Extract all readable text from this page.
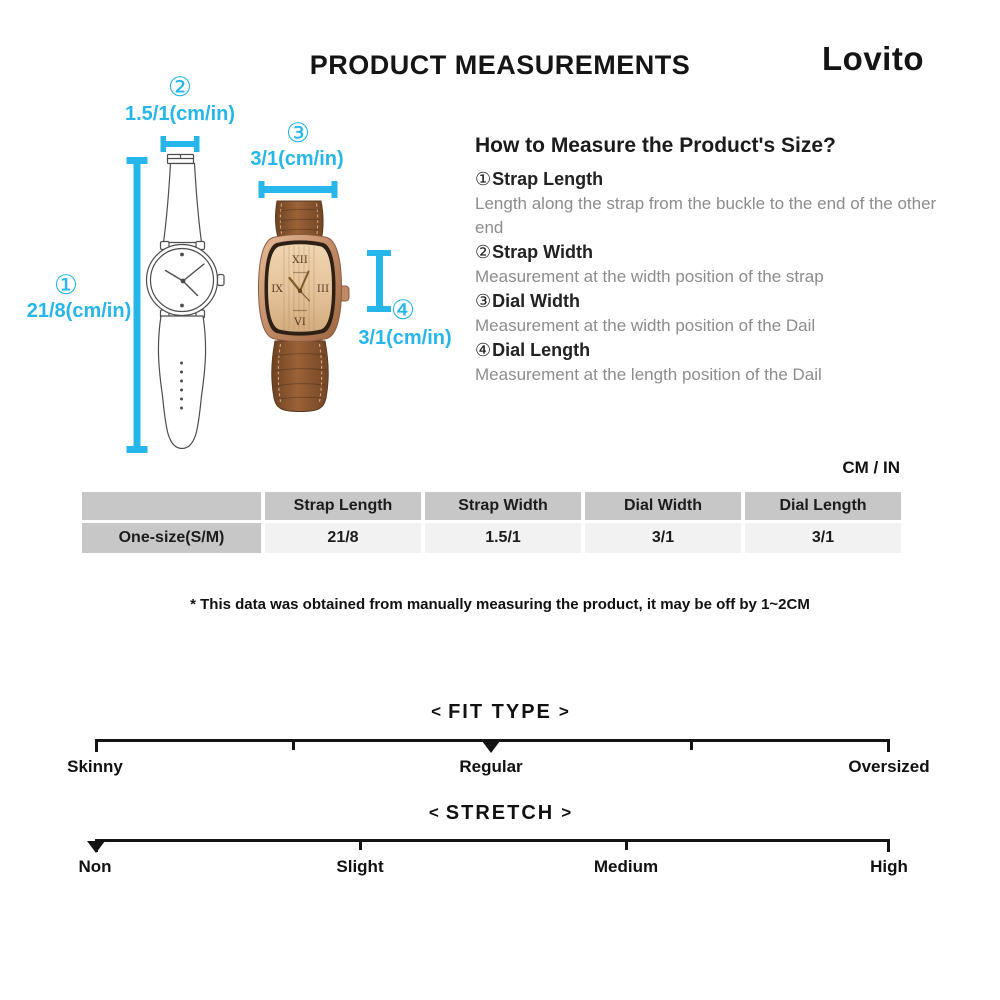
PRODUCT MEASUREMENTS	Lovito
XII
III
VI
IX
①
21/8(cm/in)
②
1.5/1(cm/in)
③
3/1(cm/in)
④
3/1(cm/in)
How to Measure the Product's Size?
①Strap Length
Length along the strap from the buckle to the end of the other end
②Strap Width
Measurement at the width position of the strap
③Dial Width
Measurement at the width position of the Dail
④Dial Length
Measurement at the length position of the Dail
CM / IN
	Strap Length	Strap Width	Dial Width	Dial Length
One-size(S/M)	21/8	1.5/1	3/1	3/1
* This data was obtained from manually measuring the product, it may be off by 1~2CM
< FIT TYPE >
Skinny	Regular	Oversized
< STRETCH >
Non	Slight	Medium	High
